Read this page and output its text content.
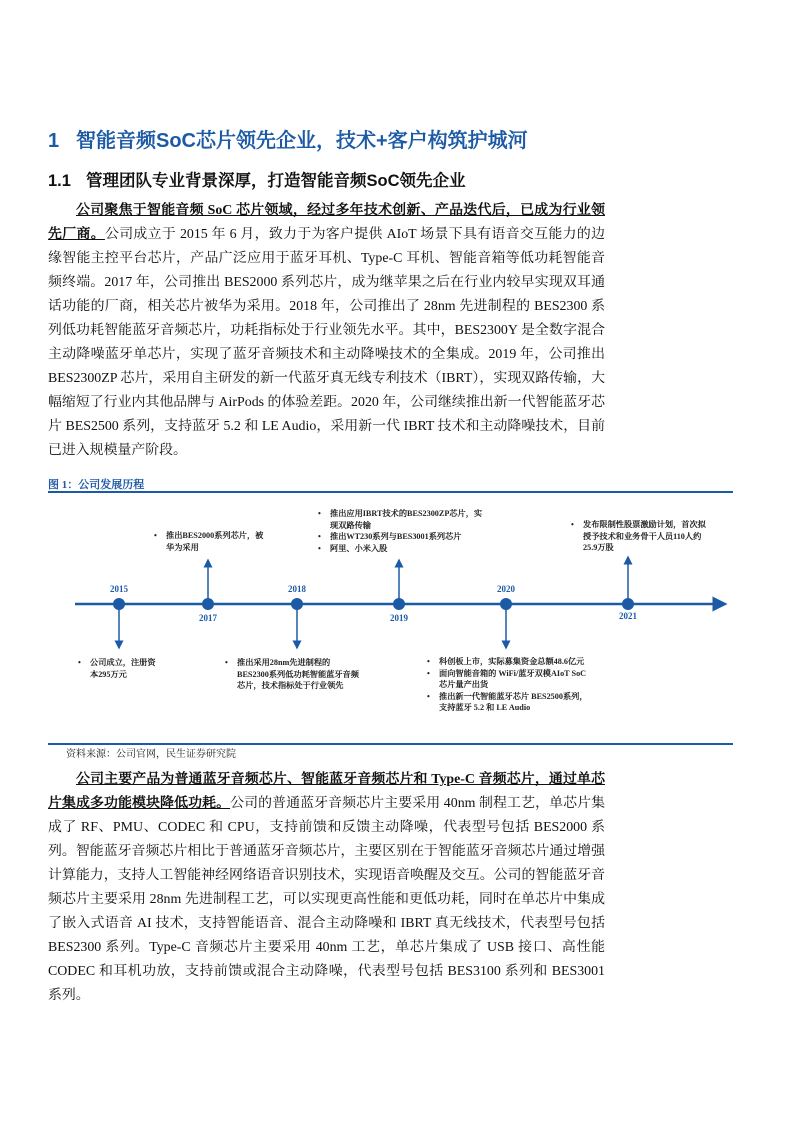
1 智能音频SoC芯片领先企业，技术+客户构筑护城河
1.1 管理团队专业背景深厚，打造智能音频SoC领先企业

公司聚焦于智能音频 SoC 芯片领域，经过多年技术创新、产品迭代后，已成为行业领先厂商。公司成立于 2015 年 6 月，致力于为客户提供 AIoT 场景下具有语音交互能力的边缘智能主控平台芯片，产品广泛应用于蓝牙耳机、Type-C 耳机、智能音箱等低功耗智能音频终端。2017 年，公司推出 BES2000 系列芯片，成为继苹果之后在行业内较早实现双耳通话功能的厂商，相关芯片被华为采用。2018 年，公司推出了 28nm 先进制程的 BES2300 系列低功耗智能蓝牙音频芯片，功耗指标处于行业领先水平。其中，BES2300Y 是全数字混合主动降噪蓝牙单芯片，实现了蓝牙音频技术和主动降噪技术的全集成。2019 年，公司推出 BES2300ZP 芯片，采用自主研发的新一代蓝牙真无线专利技术（IBRT），实现双路传输，大幅缩短了行业内其他品牌与 AirPods 的体验差距。2020 年，公司继续推出新一代智能蓝牙芯片 BES2500 系列，支持蓝牙 5.2 和 LE Audio，采用新一代 IBRT 技术和主动降噪技术，目前已进入规模量产阶段。

图 1：公司发展历程
2015
2017
2018
2019
2020
2021
• 公司成立，注册资本295万元
• 推出BES2000系列芯片，被华为采用
• 推出采用28nm先进制程的BES2300系列低功耗智能蓝牙音频芯片，技术指标处于行业领先
• 推出应用IBRT技术的BES2300ZP芯片，实现双路传输
• 推出WT230系列与BES3001系列芯片
• 阿里、小米入股
• 科创板上市，实际募集资金总额48.6亿元
• 面向智能音箱的 WiFi/蓝牙双模AIoT SoC芯片量产出货
• 推出新一代智能蓝牙芯片 BES2500系列，支持蓝牙 5.2 和 LE Audio
• 发布限制性股票激励计划，首次拟授予技术和业务骨干人员110人约25.9万股
资料来源：公司官网，民生证券研究院

公司主要产品为普通蓝牙音频芯片、智能蓝牙音频芯片和 Type-C 音频芯片，通过单芯片集成多功能模块降低功耗。公司的普通蓝牙音频芯片主要采用 40nm 制程工艺，单芯片集成了 RF、PMU、CODEC 和 CPU，支持前馈和反馈主动降噪，代表型号包括 BES2000 系列。智能蓝牙音频芯片相比于普通蓝牙音频芯片，主要区别在于智能蓝牙音频芯片通过增强计算能力，支持人工智能神经网络语音识别技术，实现语音唤醒及交互。公司的智能蓝牙音频芯片主要采用 28nm 先进制程工艺，可以实现更高性能和更低功耗，同时在单芯片中集成了嵌入式语音 AI 技术，支持智能语音、混合主动降噪和 IBRT 真无线技术，代表型号包括 BES2300 系列。Type-C 音频芯片主要采用 40nm 工艺，单芯片集成了 USB 接口、高性能 CODEC 和耳机功放，支持前馈或混合主动降噪，代表型号包括 BES3100 系列和 BES3001 系列。
